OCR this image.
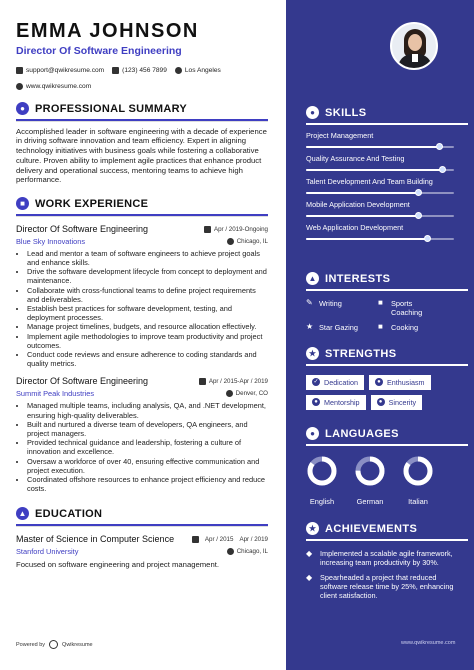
EMMA JOHNSON
Director Of Software Engineering
support@qwikresume.com	(123) 456 7899	Los Angeles
www.qwikresume.com
● PROFESSIONAL SUMMARY

Accomplished leader in software engineering with a decade of experience in driving software innovation and team efficiency. Expert in aligning technology initiatives with business goals while fostering a collaborative culture. Proven ability to implement agile practices that enhance product delivery and operational success, mentoring teams to achieve high performance.

■ WORK EXPERIENCE
Director Of Software Engineering	Apr / 2019-Ongoing
Blue Sky Innovations	Chicago, IL
• Lead and mentor a team of software engineers to achieve project goals and enhance skills.
• Drive the software development lifecycle from concept to deployment and maintenance.
• Collaborate with cross-functional teams to define project requirements and deliverables.
• Establish best practices for software development, testing, and deployment processes.
• Manage project timelines, budgets, and resource allocation effectively.
• Implement agile methodologies to improve team productivity and project outcomes.
• Conduct code reviews and ensure adherence to coding standards and quality metrics.
Director Of Software Engineering	Apr / 2015-Apr / 2019
Summit Peak Industries	Denver, CO
• Managed multiple teams, including analysis, QA, and .NET development, ensuring high-quality deliverables.
• Built and nurtured a diverse team of developers, QA engineers, and project managers.
• Provided technical guidance and leadership, fostering a culture of innovation and excellence.
• Oversaw a workforce of over 40, ensuring effective communication and project execution.
• Coordinated offshore resources to enhance project efficiency and reduce costs.
▲ EDUCATION
Master of Science in Computer Science	Apr / 2015 Apr / 2019
Stanford University	Chicago, IL

Focused on software engineering and project management.

Powered by	Qwikresume
● SKILLS
Project Management
Quality Assurance And Testing
Talent Development And Team Building
Mobile Application Development
Web Application Development
▲ INTERESTS
✎ Writing	■	Sports Coaching
★ Star Gazing ■	Cooking
★ STRENGTHS
✓ Dedication	● Enthusiasm
● Mentorship	● Sincerity
● LANGUAGES
English	German	Italian
★ ACHIEVEMENTS
◆ Implemented a scalable agile framework, increasing team productivity by 30%.
◆ Spearheaded a project that reduced software release time by 25%, enhancing client satisfaction.
www.qwikresume.com
